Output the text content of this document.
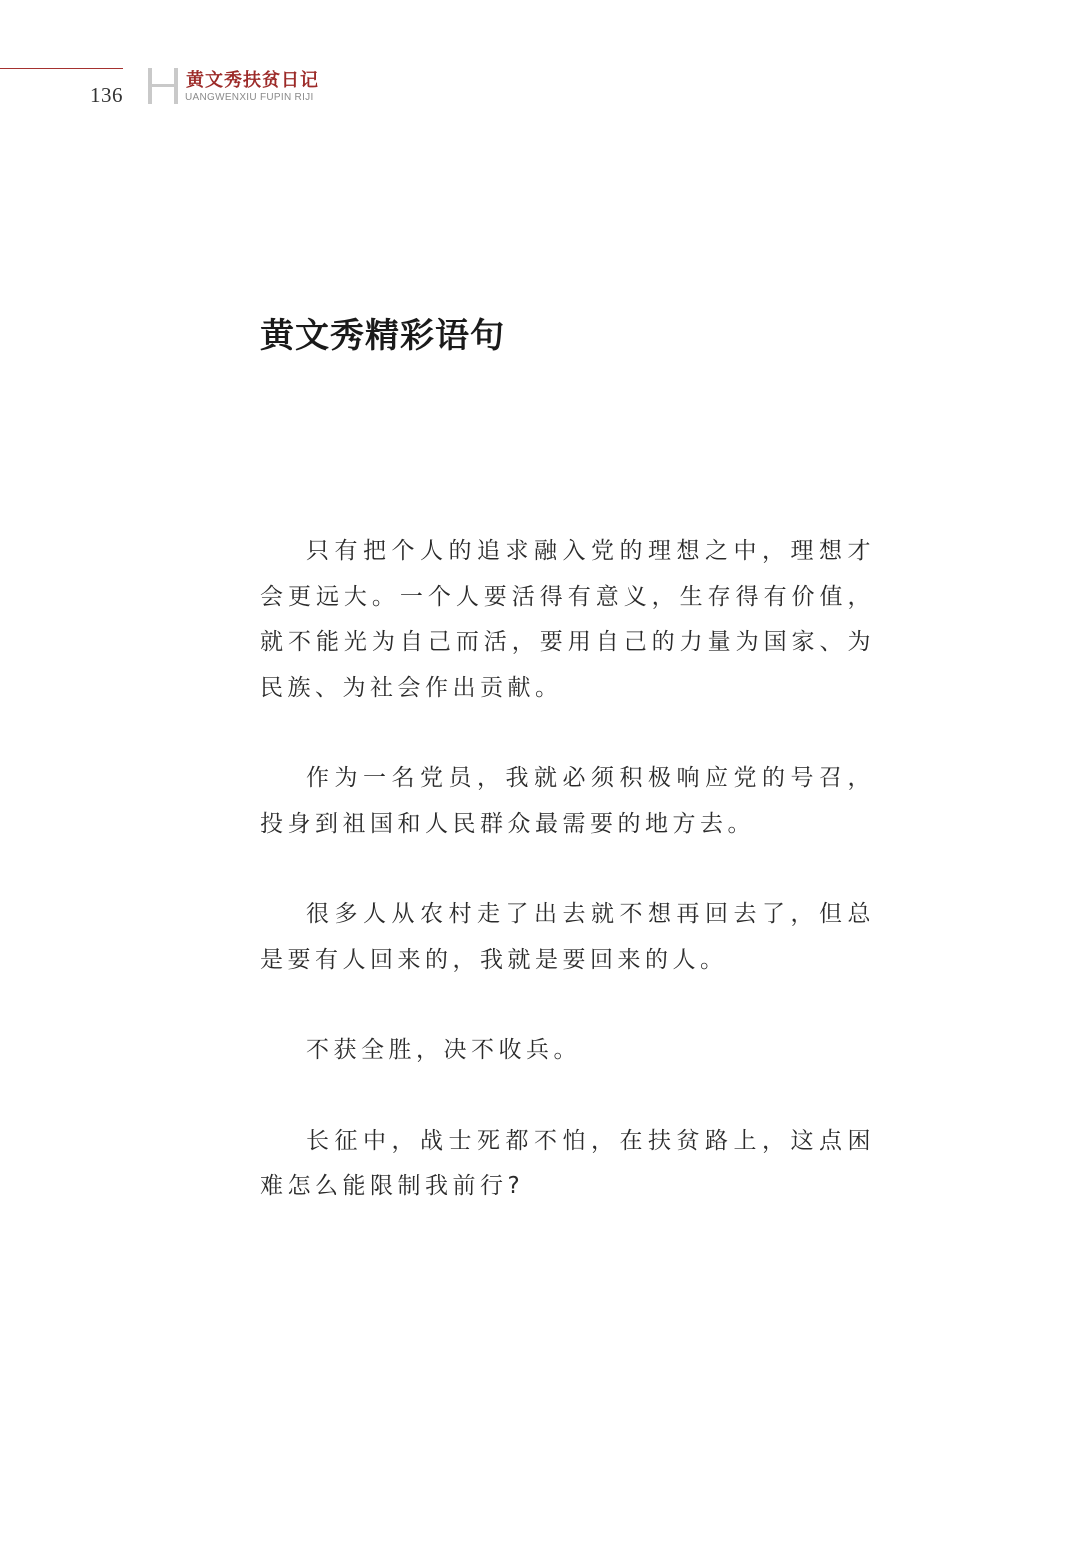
136
黄文秀扶贫日记
UANGWENXIU FUPIN RIJI
黄文秀精彩语句

只有把个人的追求融入党的理想之中，理想才会更远大。一个人要活得有意义，生存得有价值，就不能光为自己而活，要用自己的力量为国家、为民族、为社会作出贡献。

作为一名党员，我就必须积极响应党的号召，投身到祖国和人民群众最需要的地方去。

很多人从农村走了出去就不想再回去了，但总是要有人回来的，我就是要回来的人。

不获全胜，决不收兵。

长征中，战士死都不怕，在扶贫路上，这点困难怎么能限制我前行?
